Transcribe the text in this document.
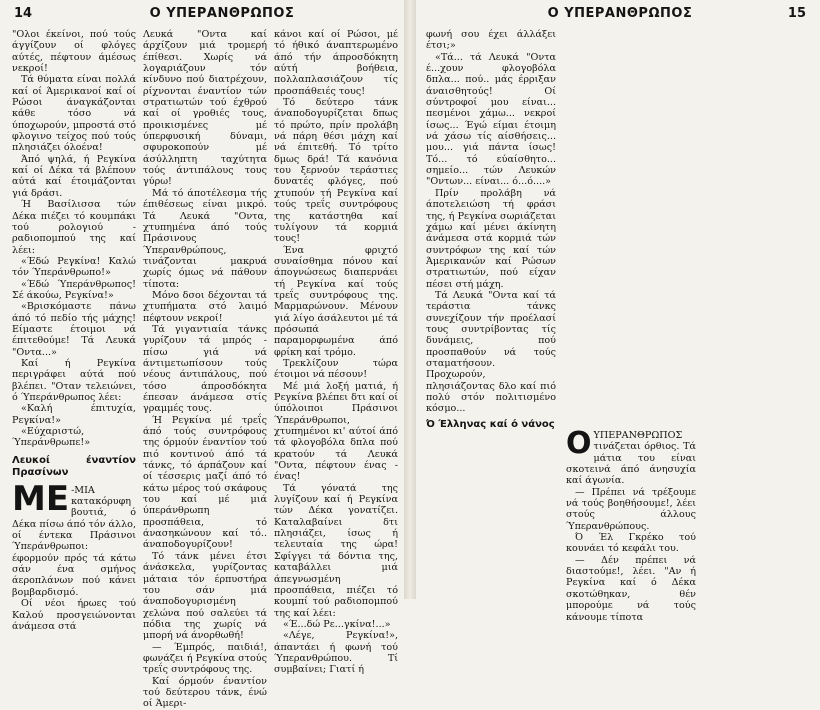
14	Ο ΥΠΕΡΑΝΘΡΩΠΟΣ

"Ολοι έκείνοι, πού τούς άγγίζουν οί φλόγες αύτές, πέφτουν άμέσως νεκροί!

Τά θύματα είναι πολλά καί οί Άμερικανοί καί οί Ρώσοι άναγκάζονται κάθε τόσο νά ύποχωρούν, μπροστά στό φλογινο τείχος πού τούς πλησιάζει όλοένα!

Άπό ψηλά, ή Ρεγκίνα καί οί Δέκα τά βλέπουν αύτά καί έτοιμάζονται γιά δράσι.

Ή Βασίλισσα τών Δέκα πιέζει τό κουμπάκι τού ρολογιού - ραδιοπομπού της καί λέει:

«Έδώ Ρεγκίνα! Καλώ τόν Ύπεράνθρωπο!»

«Έδώ Ύπεράνθρωπος! Σέ άκούω, Ρεγκίνα!»

«Βρισκόμαστε πάνω άπό τό πεδίο τής μάχης! Είμαστε έτοιμοι νά έπιτεθούμε! Τά Λευκά "Οντα...»

Καί ή Ρεγκίνα περιγράφει αύτά πού βλέπει. "Οταν τελειώνει, ό Ύπεράνθρωπος λέει:

«Καλή έπιτυχία, Ρεγκίνα!»

«Εύχαριστώ, Ύπεράνθρωπε!»

Λευκοί έναντίον Πρασίνων

ΜΕ -ΜΙΑ κατακόρυφη βουτιά, ό Δέκα πίσω άπό τόν άλλο, οί έντεκα Πράσινοι Ύπεράνθρωποι: έφορμούν πρός τά κάτω σάν ένα σμήνος άεροπλάνων πού κάνει βομβαρδισμό.

Οί νέοι ήρωες τού Καλού προσγειώνονται άνάμεσα στά

Λευκά "Οντα καί άρχίζουν μιά τρομερή έπίθεσι. Χωρίς νά λογαριάζουν τόν κίνδυνο πού διατρέχουν, ρίχνονται έναντίον τών στρατιωτών τού έχθρού καί οί γροθιές τους, προικισμένες μέ ύπερφυσική δύναμι, σφυροκοπούν μέ άσύλληπτη ταχύτητα τούς άντιπάλους τους γύρω!

Μά τό άποτέλεσμα τής έπιθέσεως είναι μικρό. Τά Λευκά "Οντα, χτυπημένα άπό τούς Πράσινους Ύπερανθρώπους, τινάζονται μακρυά χωρίς όμως νά πάθουν τίποτα:

Μόνο δσοι δέχονται τά χτυπήματα στό λαιμό πέφτουν νεκροί!

Τά γιγαντιαία τάνκς γυρίζουν τά μπρός - πίσω γιά νά άντιμετωπίσουν τούς νέους άντιπάλους, πού τόσο άπροσδόκητα έπεσαν άνάμεσα στίς γραμμές τους.

Ή Ρεγκίνα μέ τρεΐς άπό τούς συντρόφους της όρμούν έναντίον τού πιό κοντινού άπό τά τάνκς, τό άρπάζουν καί οί τέσσερις μαζί άπό τό κάτω μέρος τού σκάφους του καί μέ μιά ύπεράνθρωπη προσπάθεια, τό άνασηκώνουν καί τό.. άναποδογυρίζουν!

Τό τάνκ μένει έτσι άνάσκελα, γυρίζοντας μάταια τόν έρπυστήρα του σάν μιά άναποδογυρισμένη χελώνα πού σαλεύει τά πόδια της χωρίς νά μπορή νά άνορθωθή!

— Έμπρός, παιδιά!, φωνάζει ή Ρεγκίνα στούς τρεΐς συντρόφους της.

Καί όρμούν έναντίον τού δεύτερου τάνκ, ένώ οί Άμερι-

κάνοι καί οί Ρώσοι, μέ τό ήθικό άναπτερωμένο άπό τήν άπροσδόκητη αύτή βοήθεια, πολλαπλασιάζουν τίς προσπάθειές τους!

Τό δεύτερο τάνκ άναποδογυρίζεται δπως τό πρώτο, πρίν προλάβη νά πάρη θέσι μάχη καί νά έπιτεθή. Τό τρίτο δμως δρά! Τά κανόνια του ξερνούν τεράστιες δυνατές φλόγες, πού χτυπούν τή Ρεγκίνα καί τούς τρεΐς συντρόφους της κατάστηθα καί τυλίγουν τά κορμιά τους!

Ένα φριχτό συναίσθημα πόνου καί άπογνώσεως διαπερνάει τή Ρεγκίνα καί τούς τρεΐς συντρόφους της. Μαρμαρώνουν. Μένουν γιά λίγο άσάλευτοι μέ τά πρόσωπά παραμορφωμένα άπό φρίκη καί τρόμο.

Τρεκλίζουν τώρα έτοιμοι νά πέσουν!

Μέ μιά λοξή ματιά, ή Ρεγκίνα βλέπει δτι καί οί ύπόλοιποι Πράσινοι Ύπεράνθρωποι, χτυπημένοι κι' αύτοί άπό τά φλογοβόλα δπλα πού κρατούν τά Λευκά "Οντα, πέφτουν ένας - ένας!

Τά γόνατά της λυγίζουν καί ή Ρεγκίνα τών Δέκα γονατίζει. Καταλαβαίνει δτι πλησιάζει, ίσως ή τελευταία της ώρα! Σφίγγει τά δόντια της, καταβάλλει μιά άπεγνωσμένη προσπάθεια, πιέζει τό κουμπί τού ραδιοπομπού της καί λέει:

«Έ...δώ Ρε...γκίνα!...»

«Λέγε, Ρεγκίνα!», άπαντάει ή φωνή τού Ύπερανθρώπου. Τί συμβαίνει; Γιατί ή

Ο ΥΠΕΡΑΝΘΡΩΠΟΣ	15

φωνή σου έχει άλλάξει έτσι;»

«Τά... τά Λευκά "Οντα έ...χουν φλογοβόλα δπλα... πού.. μάς έρριξαν άναισθητούς! Οί σύντροφοί μου είναι... πεσμένοι χάμω... νεκροί ίσως... Έγώ είμαι έτοιμη νά χάσω τίς αίσθήσεις... μου... γιά πάντα ίσως! Τό... τό εύαίσθητο... σημείο... τών Λευκών "Οντων... είναι... ό...ό....»

Πρίν προλάβη νά άποτελειώση τή φράσι της, ή Ρεγκίνα σωριάζεται χάμω καί μένει άκίνητη άνάμεσα στά κορμιά τών συντρόφων της καί τών Άμερικανών καί Ρώσων στρατιωτών, πού είχαν πέσει στή μάχη.

Τά Λευκά "Οντα καί τά τεράστια τάνκς συνεχίζουν τήν προέλασί τους συντρίβοντας τίς δυνάμεις, πού προσπαθούν νά τούς σταματήσουν. Προχωρούν, πλησιάζοντας δλο καί πιό πολύ στόν πολιτισμένο κόσμο...

Ό Έλληνας καί ό νάνος

ΟΥΠΕΡΑΝΘΡΩΠΟΣ τινάζεται όρθιος. Τά μάτια του είναι σκοτεινά άπό άνησυχία καί άγωνία.

— Πρέπει νά τρέξουμε νά τούς βοηθήσουμε!, λέει στούς άλλους Ύπερανθρώπους.

Ό Έλ Γκρέκο τού κουνάει τό κεφάλι του.

— Δέν πρέπει νά διαστούμε!, λέει. "Αν ή Ρεγκίνα καί ό Δέκα σκοτώθηκαν, θέν μπορούμε νά τούς κάνουμε τίποτα
